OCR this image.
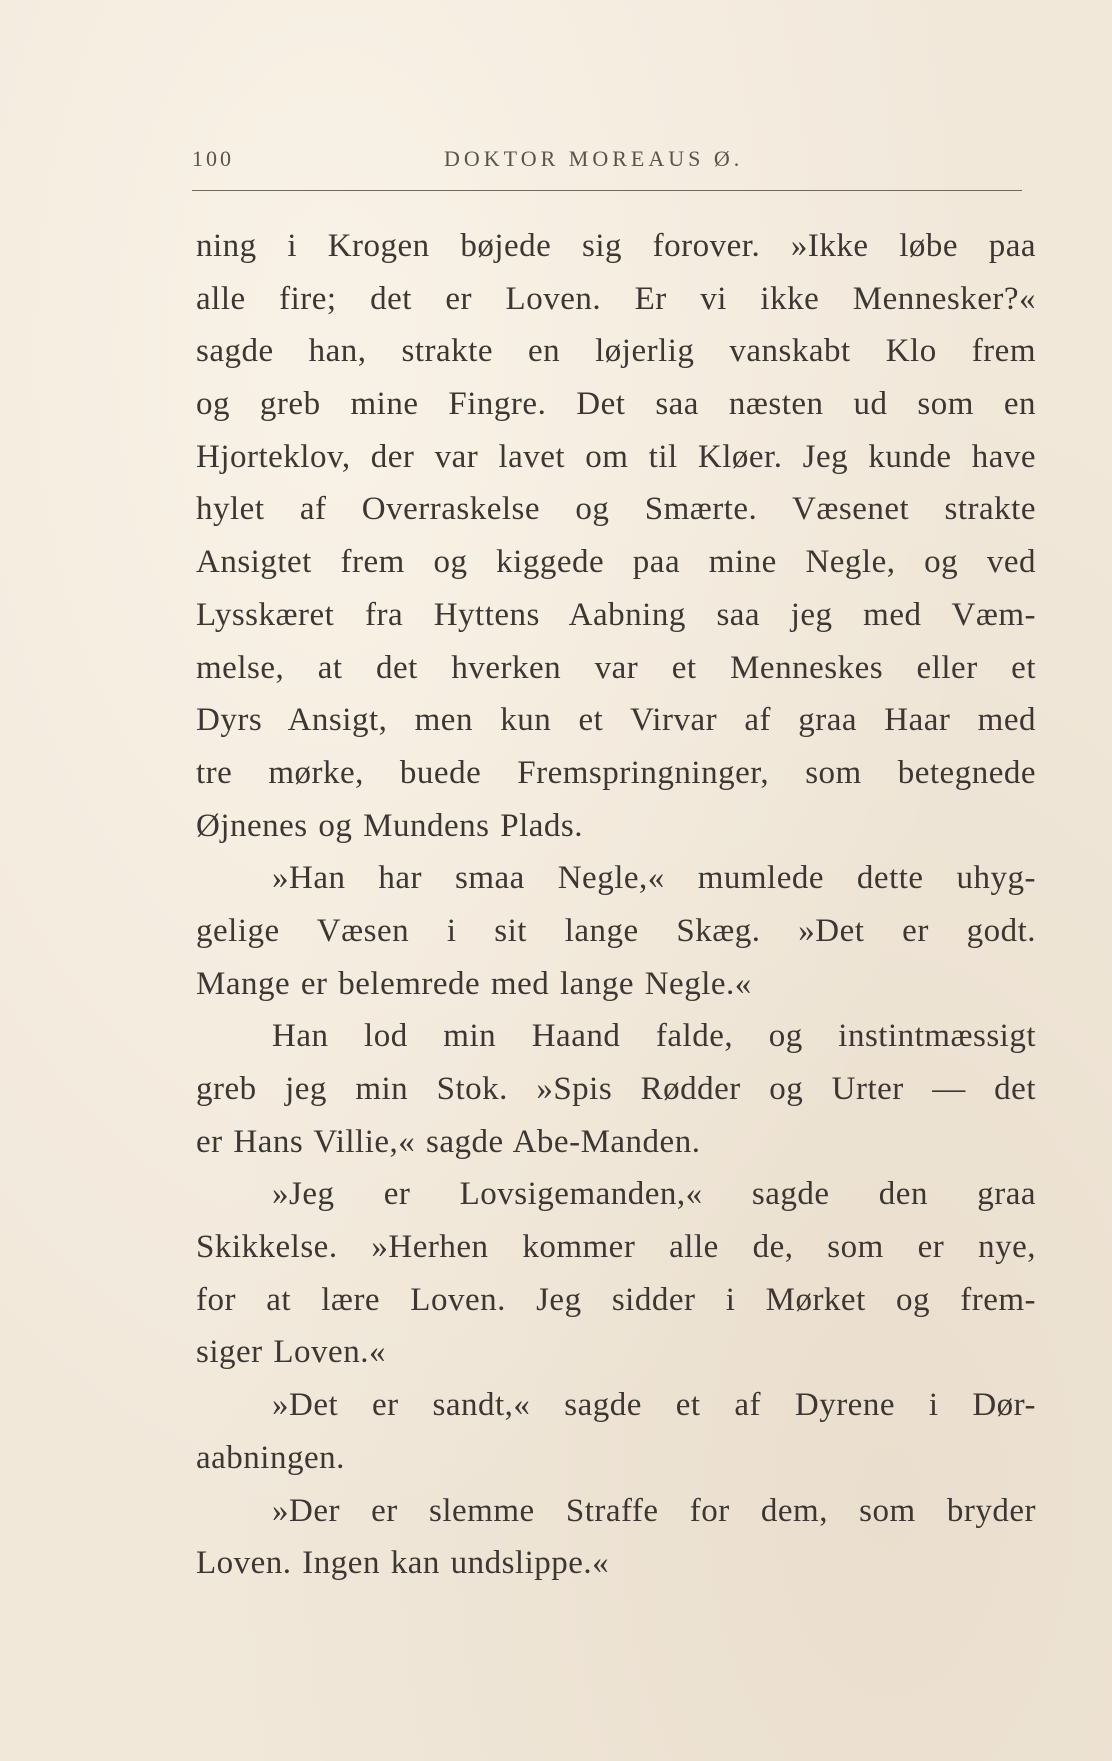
100	DOKTOR MOREAUS Ø.
ning i Krogen bøjede sig forover. »Ikke løbe paa
alle fire; det er Loven. Er vi ikke Mennesker?«
sagde han, strakte en løjerlig vanskabt Klo frem
og greb mine Fingre. Det saa næsten ud som en
Hjorteklov, der var lavet om til Kløer. Jeg kunde have
hylet af Overraskelse og Smærte. Væsenet strakte
Ansigtet frem og kiggede paa mine Negle, og ved
Lysskæret fra Hyttens Aabning saa jeg med Væm-
melse, at det hverken var et Menneskes eller et
Dyrs Ansigt, men kun et Virvar af graa Haar med
tre mørke, buede Fremspringninger, som betegnede
Øjnenes og Mundens Plads.
»Han har smaa Negle,« mumlede dette uhyg-
gelige Væsen i sit lange Skæg. »Det er godt.
Mange er belemrede med lange Negle.«
Han lod min Haand falde, og instintmæssigt
greb jeg min Stok. »Spis Rødder og Urter — det
er Hans Villie,« sagde Abe-Manden.
»Jeg er Lovsigemanden,« sagde den graa
Skikkelse. »Herhen kommer alle de, som er nye,
for at lære Loven. Jeg sidder i Mørket og frem-
siger Loven.«
»Det er sandt,« sagde et af Dyrene i Dør-
aabningen.
»Der er slemme Straffe for dem, som bryder
Loven. Ingen kan undslippe.«
